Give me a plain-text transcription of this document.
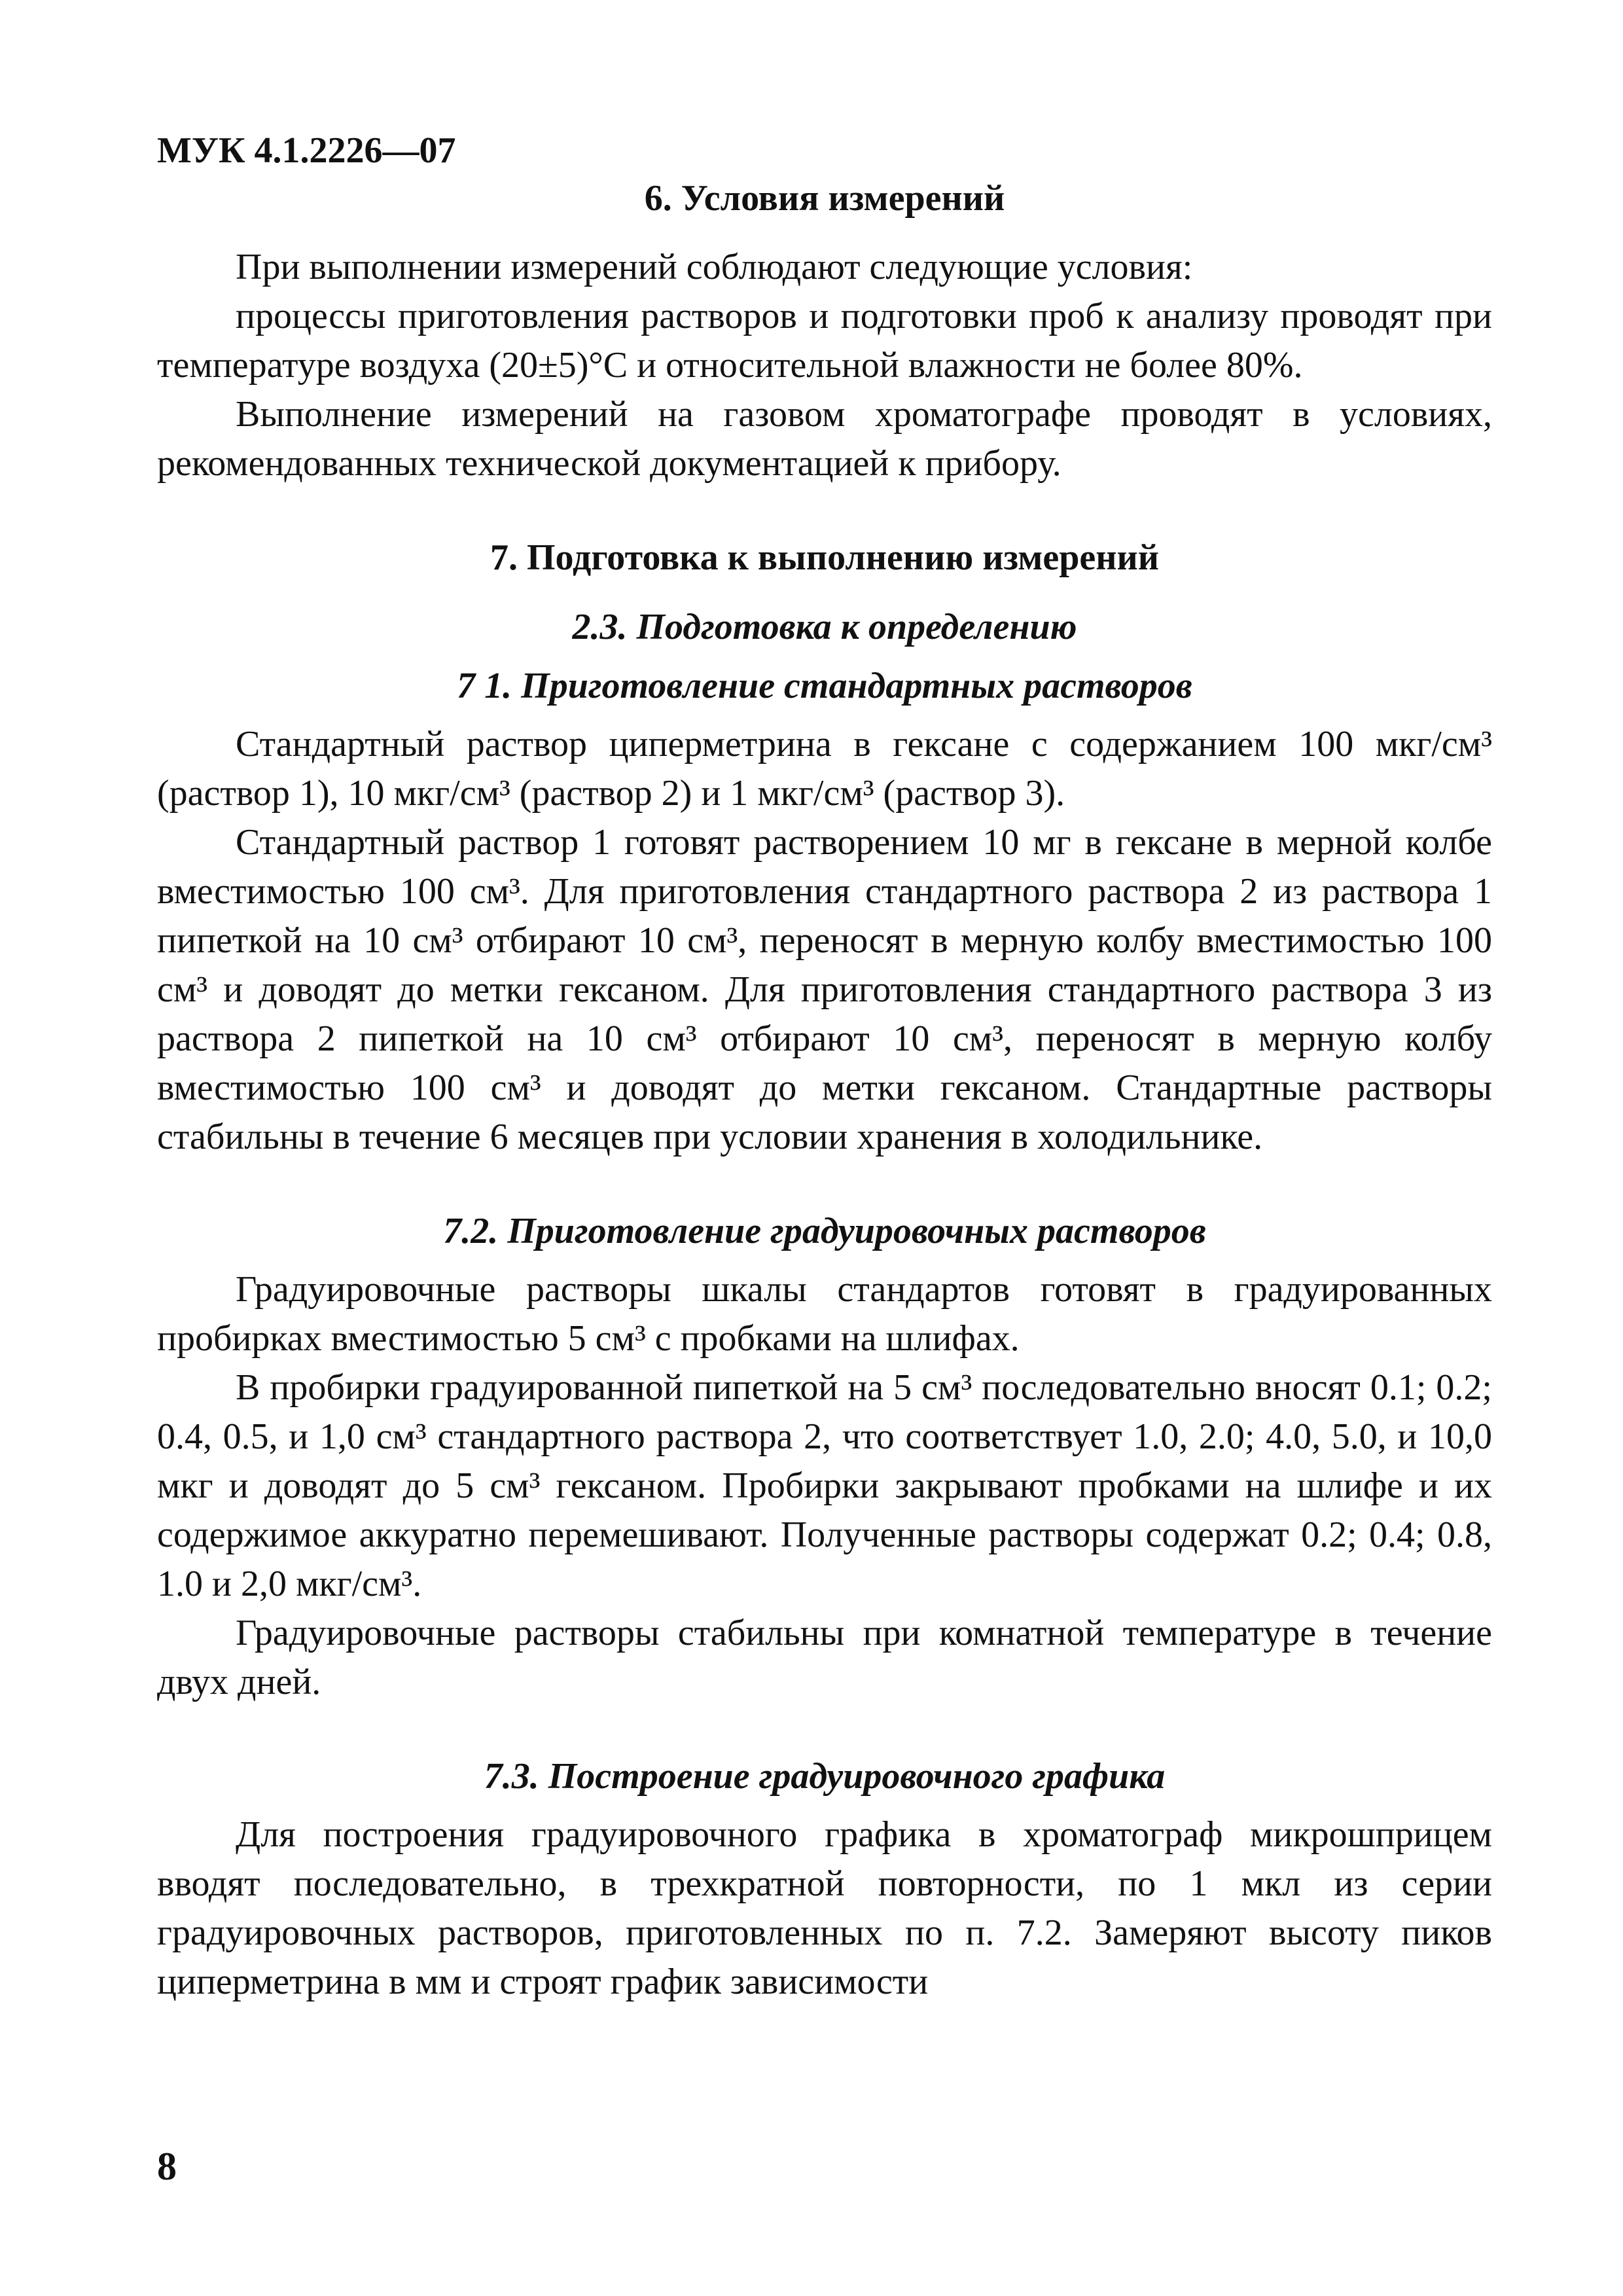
МУК 4.1.2226—07
6. Условия измерений

При выполнении измерений соблюдают следующие условия:

процессы приготовления растворов и подготовки проб к анализу проводят при температуре воздуха (20±5)°С и относительной влажности не более 80%.

Выполнение измерений на газовом хроматографе проводят в условиях, рекомендованных технической документацией к прибору.

7. Подготовка к выполнению измерений
2.3. Подготовка к определению
7 1. Приготовление стандартных растворов

Стандартный раствор циперметрина в гексане с содержанием 100 мкг/см³ (раствор 1), 10 мкг/см³ (раствор 2) и 1 мкг/см³ (раствор 3).

Стандартный раствор 1 готовят растворением 10 мг в гексане в мерной колбе вместимостью 100 см³. Для приготовления стандартного раствора 2 из раствора 1 пипеткой на 10 см³ отбирают 10 см³, переносят в мерную колбу вместимостью 100 см³ и доводят до метки гексаном. Для приготовления стандартного раствора 3 из раствора 2 пипеткой на 10 см³ отбирают 10 см³, переносят в мерную колбу вместимостью 100 см³ и доводят до метки гексаном. Стандартные растворы стабильны в течение 6 месяцев при условии хранения в холодильнике.

7.2. Приготовление градуировочных растворов

Градуировочные растворы шкалы стандартов готовят в градуированных пробирках вместимостью 5 см³ с пробками на шлифах.

В пробирки градуированной пипеткой на 5 см³ последовательно вносят 0.1; 0.2; 0.4, 0.5, и 1,0 см³ стандартного раствора 2, что соответствует 1.0, 2.0; 4.0, 5.0, и 10,0 мкг и доводят до 5 см³ гексаном. Пробирки закрывают пробками на шлифе и их содержимое аккуратно перемешивают. Полученные растворы содержат 0.2; 0.4; 0.8, 1.0 и 2,0 мкг/см³.

Градуировочные растворы стабильны при комнатной температуре в течение двух дней.

7.3. Построение градуировочного графика

Для построения градуировочного графика в хроматограф микрошприцем вводят последовательно, в трехкратной повторности, по 1 мкл из серии градуировочных растворов, приготовленных по п. 7.2. Замеряют высоту пиков циперметрина в мм и строят график зависимости

8
